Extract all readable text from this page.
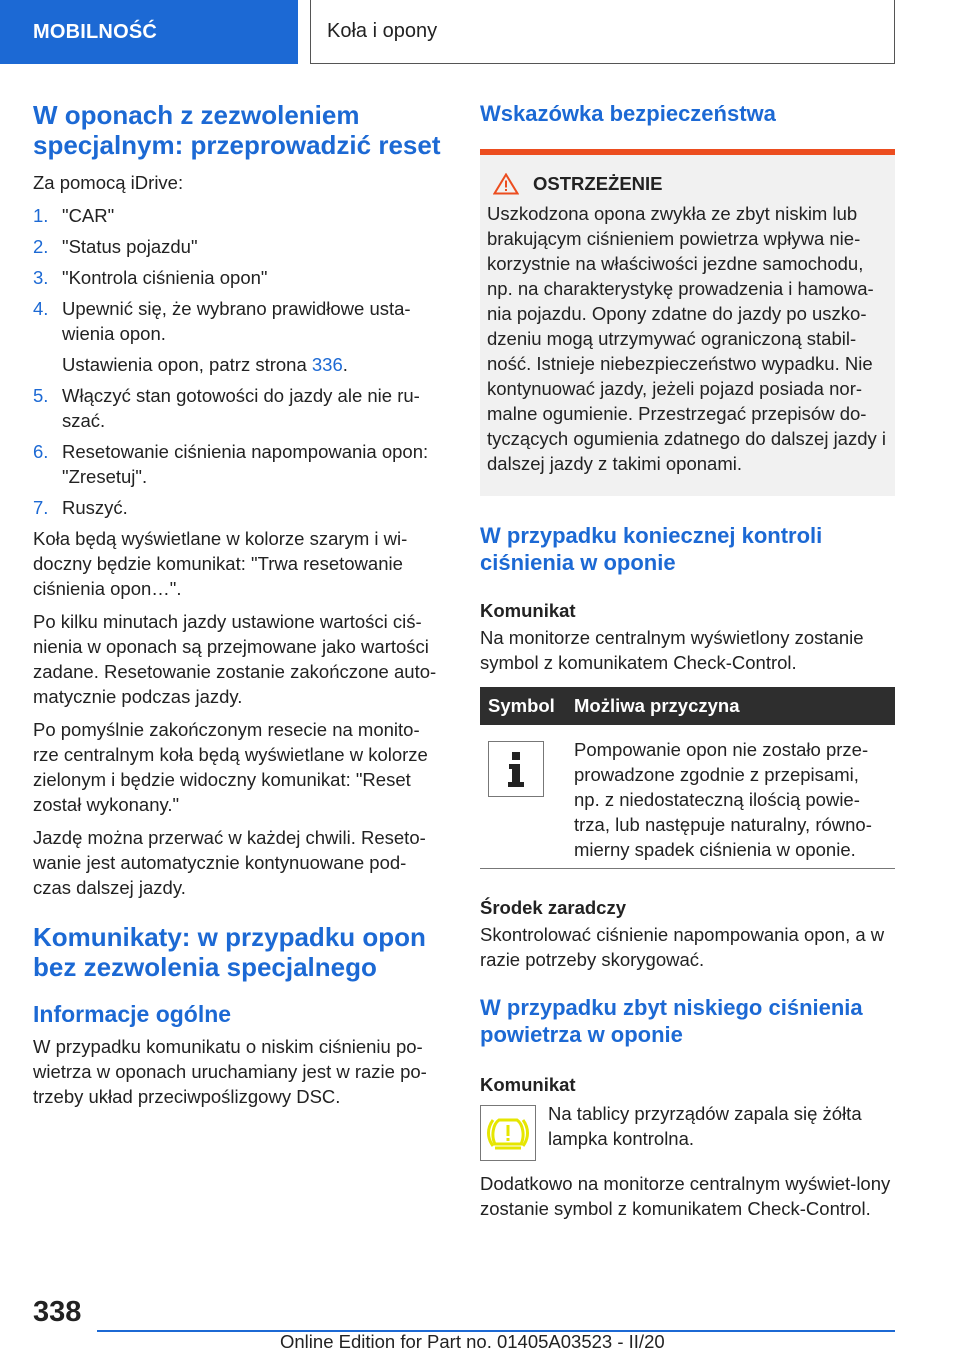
MOBILNOŚĆ	Koła i opony
W oponach z zezwoleniem specjalnym: przeprowadzić reset

Za pomocą iDrive:

1. "CAR"
2. "Status pojazdu"
3. "Kontrola ciśnienia opon"
4. Upewnić się, że wybrano prawidłowe usta-wienia opon.
Ustawienia opon, patrz strona 336.
5. Włączyć stan gotowości do jazdy ale nie ru-szać.
6. Resetowanie ciśnienia napompowania opon: "Zresetuj".
7. Ruszyć.

Koła będą wyświetlane w kolorze szarym i wi-doczny będzie komunikat: "Trwa resetowanie ciśnienia opon…".

Po kilku minutach jazdy ustawione wartości ciś-nienia w oponach są przejmowane jako wartości zadane. Resetowanie zostanie zakończone auto-matycznie podczas jazdy.

Po pomyślnie zakończonym resecie na monito-rze centralnym koła będą wyświetlane w kolorze zielonym i będzie widoczny komunikat: "Reset został wykonany."

Jazdę można przerwać w każdej chwili. Reseto-wanie jest automatycznie kontynuowane pod-czas dalszej jazdy.

Komunikaty: w przypadku opon bez zezwolenia specjalnego
Informacje ogólne

W przypadku komunikatu o niskim ciśnieniu po-wietrza w oponach uruchamiany jest w razie po-trzeby układ przeciwpoślizgowy DSC.

Wskazówka bezpieczeństwa
OSTRZEŻENIE

Uszkodzona opona zwykła ze zbyt niskim lub brakującym ciśnieniem powietrza wpływa nie-korzystnie na właściwości jezdne samochodu, np. na charakterystykę prowadzenia i hamowa-nia pojazdu. Opony zdatne do jazdy po uszko-dzeniu mogą utrzymywać ograniczoną stabil-ność. Istnieje niebezpieczeństwo wypadku. Nie kontynuować jazdy, jeżeli pojazd posiada nor-malne ogumienie. Przestrzegać przepisów do-tyczących ogumienia zdatnego do dalszej jazdy i dalszej jazdy z takimi oponami.

W przypadku koniecznej kontroli ciśnienia w oponie

Komunikat

Na monitorze centralnym wyświetlony zostanie symbol z komunikatem Check-Control.

Symbol	Możliwa przyczyna

	Pompowanie opon nie zostało prze-prowadzone zgodnie z przepisami, np. z niedostateczną ilością powie-trza, lub następuje naturalny, równo-mierny spadek ciśnienia w oponie.

Środek zaradczy

Skontrolować ciśnienie napompowania opon, a w razie potrzeby skorygować.

W przypadku zbyt niskiego ciśnienia powietrza w oponie

Komunikat

Na tablicy przyrządów zapala się żółta lampka kontrolna.

Dodatkowo na monitorze centralnym wyświet-lony zostanie symbol z komunikatem Check-Control.

338
Online Edition for Part no. 01405A03523 - II/20
